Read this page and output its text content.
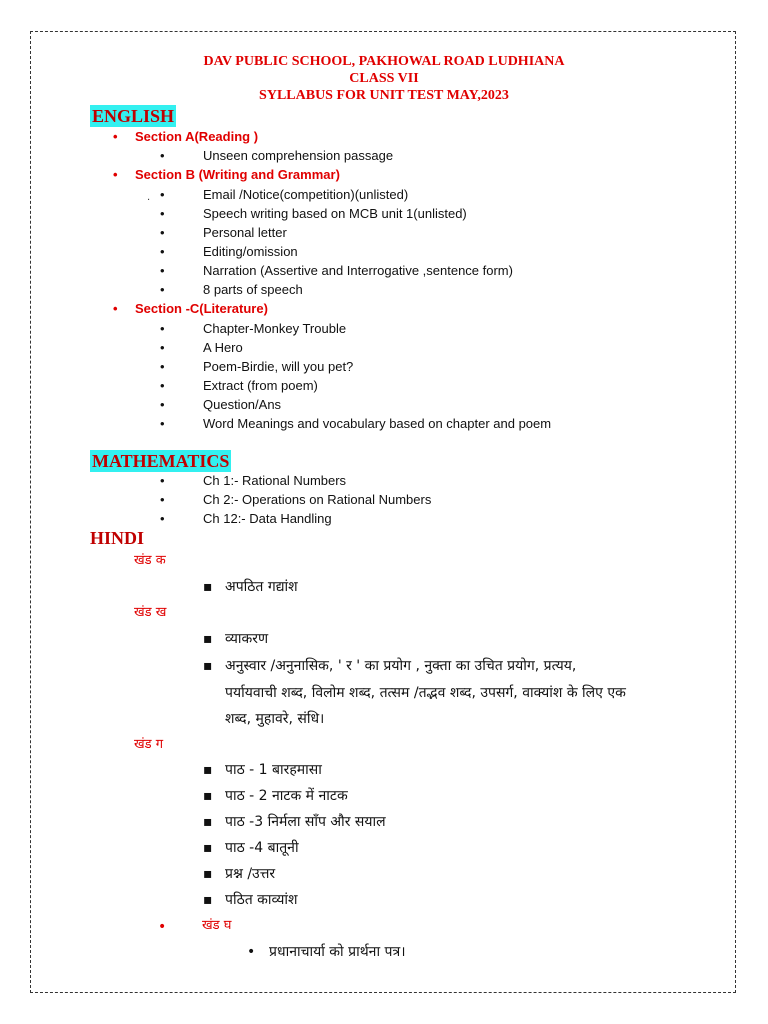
DAV PUBLIC SCHOOL, PAKHOWAL ROAD LUDHIANA
CLASS VII
SYLLABUS FOR UNIT TEST MAY,2023
ENGLISH
• Section A(Reading )
•	Unseen comprehension passage
• Section B (Writing and Grammar)
. •	Email /Notice(competition)(unlisted)
•	Speech writing based on MCB unit 1(unlisted)
•	Personal letter
•	Editing/omission
•	Narration (Assertive and Interrogative ,sentence form)
•	8 parts of speech
• Section -C(Literature)
•	Chapter-Monkey Trouble
•	A Hero
•	Poem-Birdie, will you pet?
•	Extract (from poem)
•	Question/Ans
•	Word Meanings and vocabulary based on chapter and poem
MATHEMATICS
•	Ch 1:- Rational Numbers
•	Ch 2:- Operations on Rational Numbers
•	Ch 12:- Data Handling
HINDI
खंड क
▪ अपठित गद्यांश
खंड ख
▪ व्याकरण
▪ अनुस्वार /अनुनासिक, ' र ' का प्रयोग , नुक्ता का उचित प्रयोग, प्रत्यय,
पर्यायवाची शब्द, विलोम शब्द, तत्सम /तद्भव शब्द, उपसर्ग, वाक्यांश के लिए एक
शब्द, मुहावरे, संधि।
खंड ग
▪ पाठ - 1 बारहमासा
▪ पाठ - 2 नाटक में नाटक
▪ पाठ -3 निर्मला साँप और सयाल
▪ पाठ -4 बातूनी
▪ प्रश्न /उत्तर
▪ पठित काव्यांश
•	खंड घ
• प्रधानाचार्या को प्रार्थना पत्र।
